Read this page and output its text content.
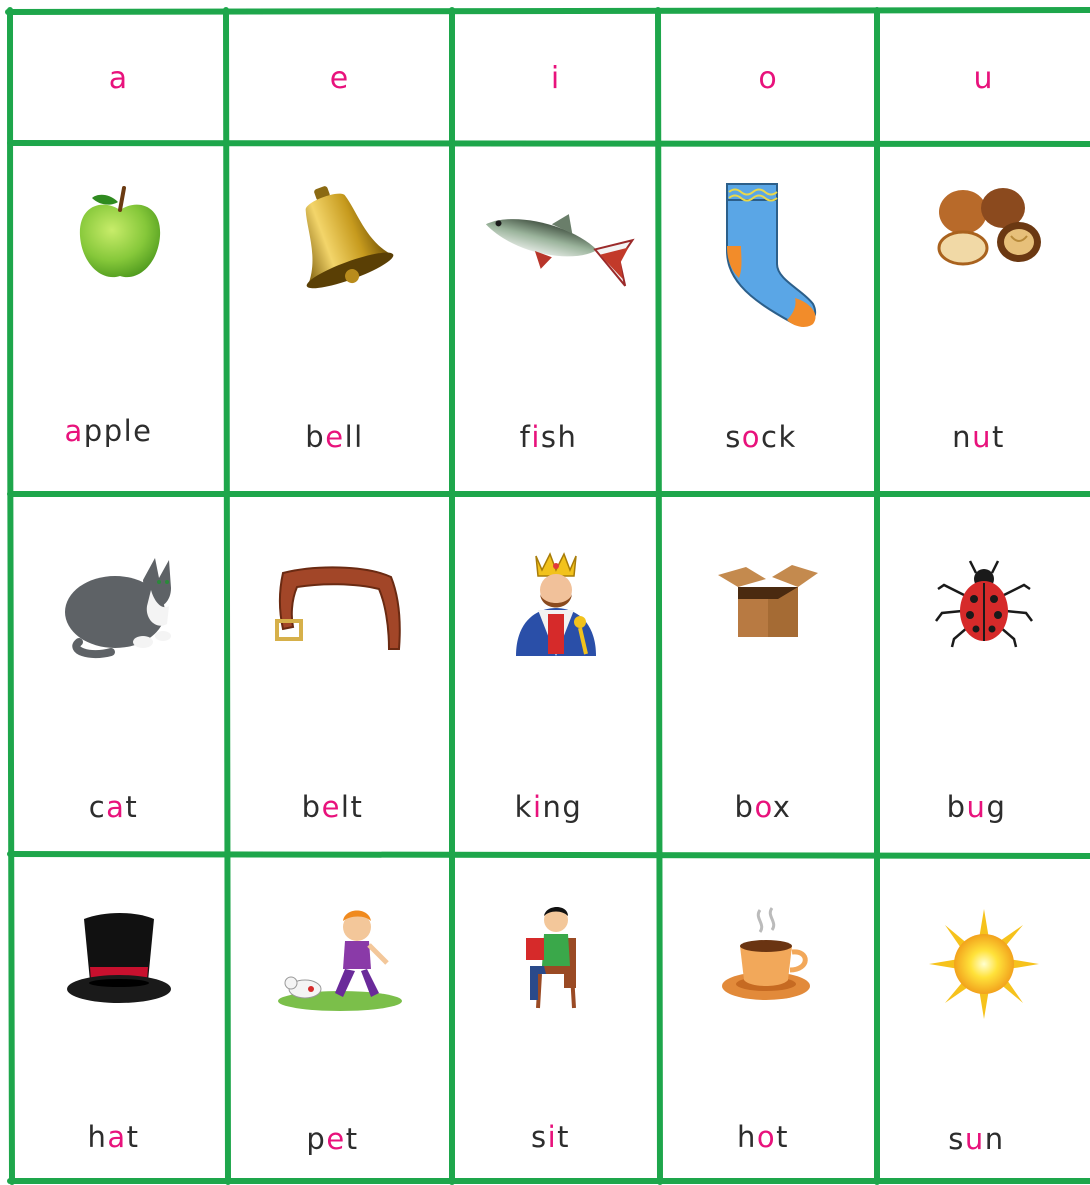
a	e	i	o	u
apple	bell	fish	sock	nut
cat	belt	king	box	bug
hat	pet	sit	hot	sun
